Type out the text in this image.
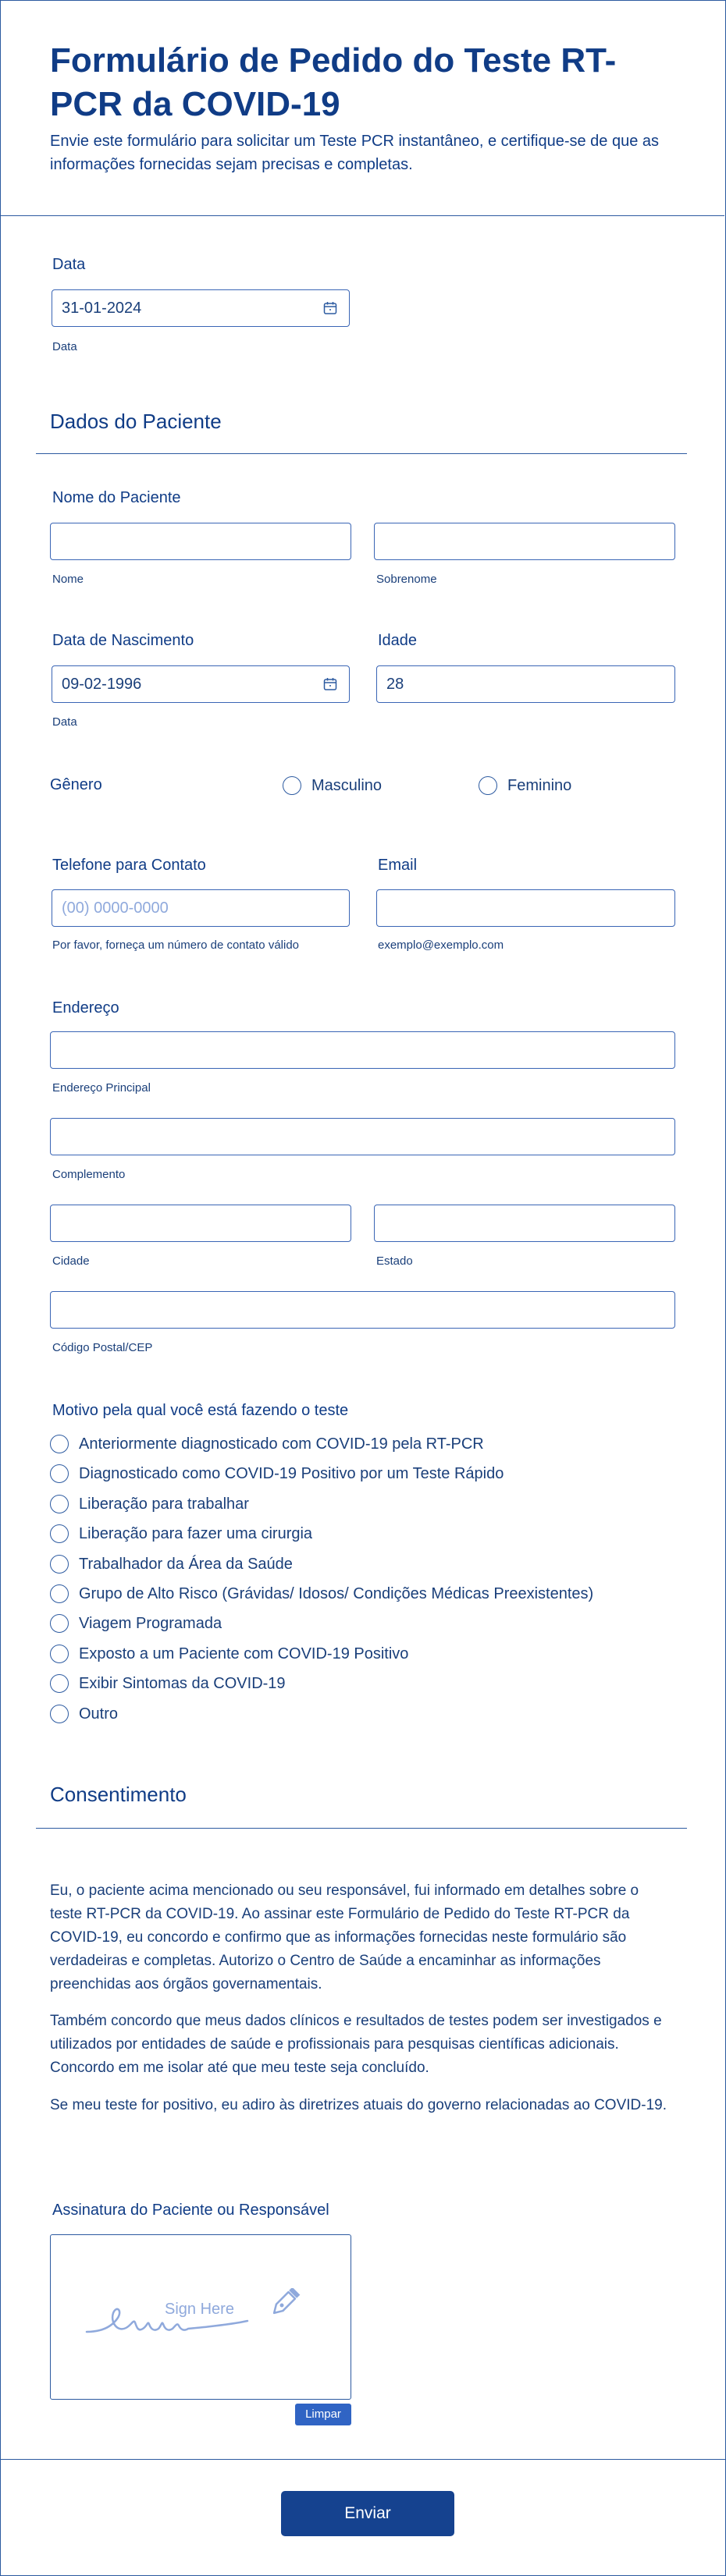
Formulário de Pedido do Teste RT-PCR da COVID-19
Envie este formulário para solicitar um Teste PCR instantâneo, e certifique-se de que as informações fornecidas sejam precisas e completas.
Data
31-01-2024
Data
Dados do Paciente
Nome do Paciente
Nome	Sobrenome
Data de Nascimento
09-02-1996
Data
Idade
28
Gênero	Masculino	Feminino
Telefone para Contato
(00) 0000-0000
Por favor, forneça um número de contato válido
Email
exemplo@exemplo.com
Endereço
Endereço Principal
Complemento
Cidade	Estado
Código Postal/CEP
Motivo pela qual você está fazendo o teste
Anteriormente diagnosticado com COVID-19 pela RT-PCR
Diagnosticado como COVID-19 Positivo por um Teste Rápido
Liberação para trabalhar
Liberação para fazer uma cirurgia
Trabalhador da Área da Saúde
Grupo de Alto Risco (Grávidas/ Idosos/ Condições Médicas Preexistentes)
Viagem Programada
Exposto a um Paciente com COVID-19 Positivo
Exibir Sintomas da COVID-19
Outro
Consentimento

Eu, o paciente acima mencionado ou seu responsável, fui informado em detalhes sobre o teste RT-PCR da COVID-19. Ao assinar este Formulário de Pedido do Teste RT-PCR da COVID-19, eu concordo e confirmo que as informações fornecidas neste formulário são verdadeiras e completas. Autorizo o Centro de Saúde a encaminhar as informações preenchidas aos órgãos governamentais.

Também concordo que meus dados clínicos e resultados de testes podem ser investigados e utilizados por entidades de saúde e profissionais para pesquisas científicas adicionais. Concordo em me isolar até que meu teste seja concluído.

Se meu teste for positivo, eu adiro às diretrizes atuais do governo relacionadas ao COVID-19.

Assinatura do Paciente ou Responsável
Sign Here
Limpar
Enviar
